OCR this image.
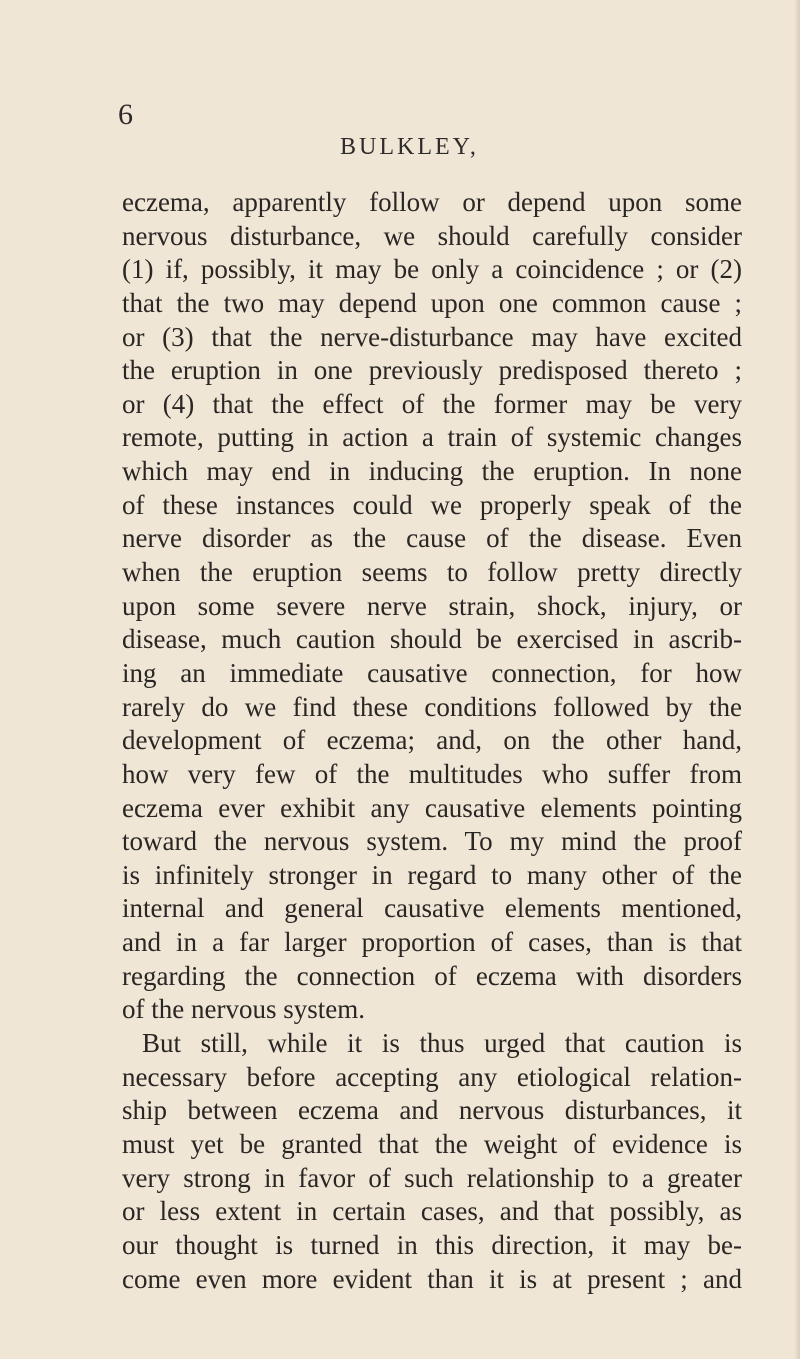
6
BULKLEY,
eczema, apparently follow or depend upon some
nervous disturbance, we should carefully consider
(1) if, possibly, it may be only a coincidence ; or (2)
that the two may depend upon one common cause ;
or (3) that the nerve-disturbance may have excited
the eruption in one previously predisposed thereto ;
or (4) that the effect of the former may be very
remote, putting in action a train of systemic changes
which may end in inducing the eruption. In none
of these instances could we properly speak of the
nerve disorder as the cause of the disease. Even
when the eruption seems to follow pretty directly
upon some severe nerve strain, shock, injury, or
disease, much caution should be exercised in ascrib-
ing an immediate causative connection, for how
rarely do we find these conditions followed by the
development of eczema; and, on the other hand,
how very few of the multitudes who suffer from
eczema ever exhibit any causative elements pointing
toward the nervous system. To my mind the proof
is infinitely stronger in regard to many other of the
internal and general causative elements mentioned,
and in a far larger proportion of cases, than is that
regarding the connection of eczema with disorders
of the nervous system.
But still, while it is thus urged that caution is
necessary before accepting any etiological relation-
ship between eczema and nervous disturbances, it
must yet be granted that the weight of evidence is
very strong in favor of such relationship to a greater
or less extent in certain cases, and that possibly, as
our thought is turned in this direction, it may be-
come even more evident than it is at present ; and
